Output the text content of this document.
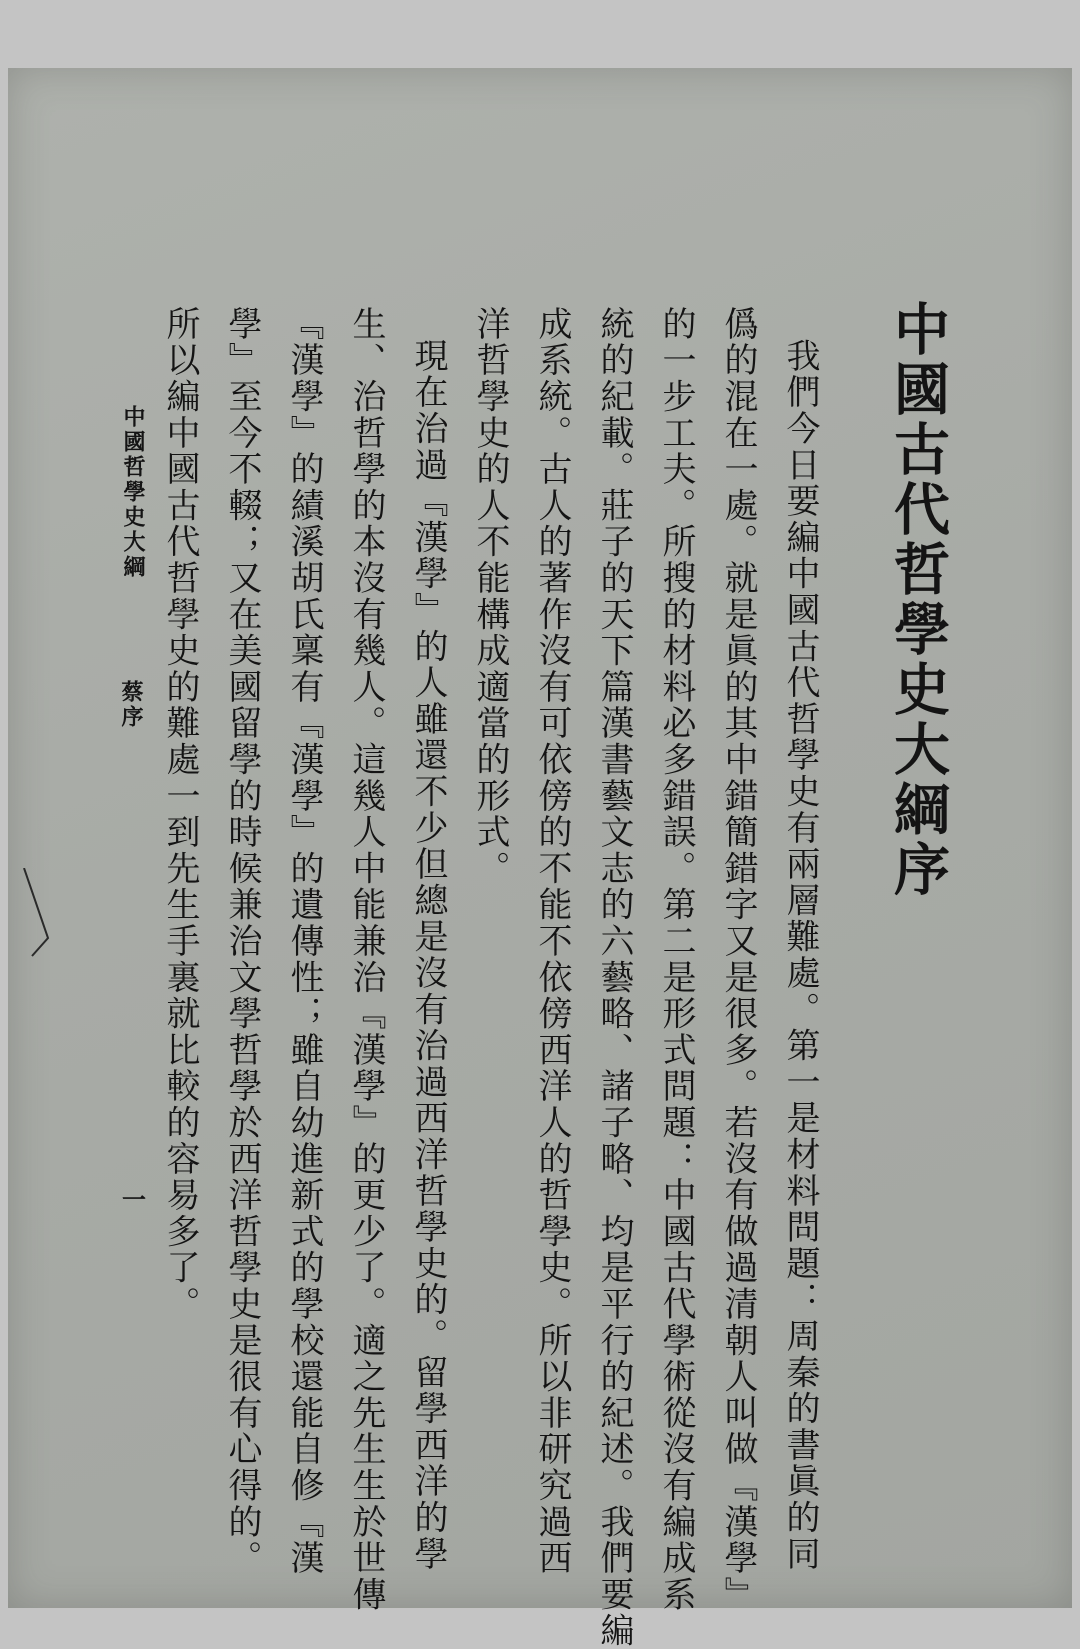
中國古代哲學史大綱序
我們今日要編中國古代哲學史有兩層難處。第一是材料問題：周秦的書眞的同
僞的混在一處。就是眞的其中錯簡錯字又是很多。若沒有做過清朝人叫做『漢學』
的一步工夫。所搜的材料必多錯誤。第二是形式問題：中國古代學術從沒有編成系
統的紀載。莊子的天下篇漢書藝文志的六藝略、諸子略、均是平行的紀述。我們要編
成系統。古人的著作沒有可依傍的不能不依傍西洋人的哲學史。所以非研究過西
洋哲學史的人不能構成適當的形式。
現在治過『漢學』的人雖還不少但總是沒有治過西洋哲學史的。留學西洋的學
生、治哲學的本沒有幾人。這幾人中能兼治『漢學』的更少了。適之先生生於世傳
『漢學』的績溪胡氏稟有『漢學』的遺傳性；雖自幼進新式的學校還能自修『漢
學』至今不輟；又在美國留學的時候兼治文學哲學於西洋哲學史是很有心得的。
所以編中國古代哲學史的難處一到先生手裏就比較的容易多了。
中國哲學史大綱
蔡序
一
